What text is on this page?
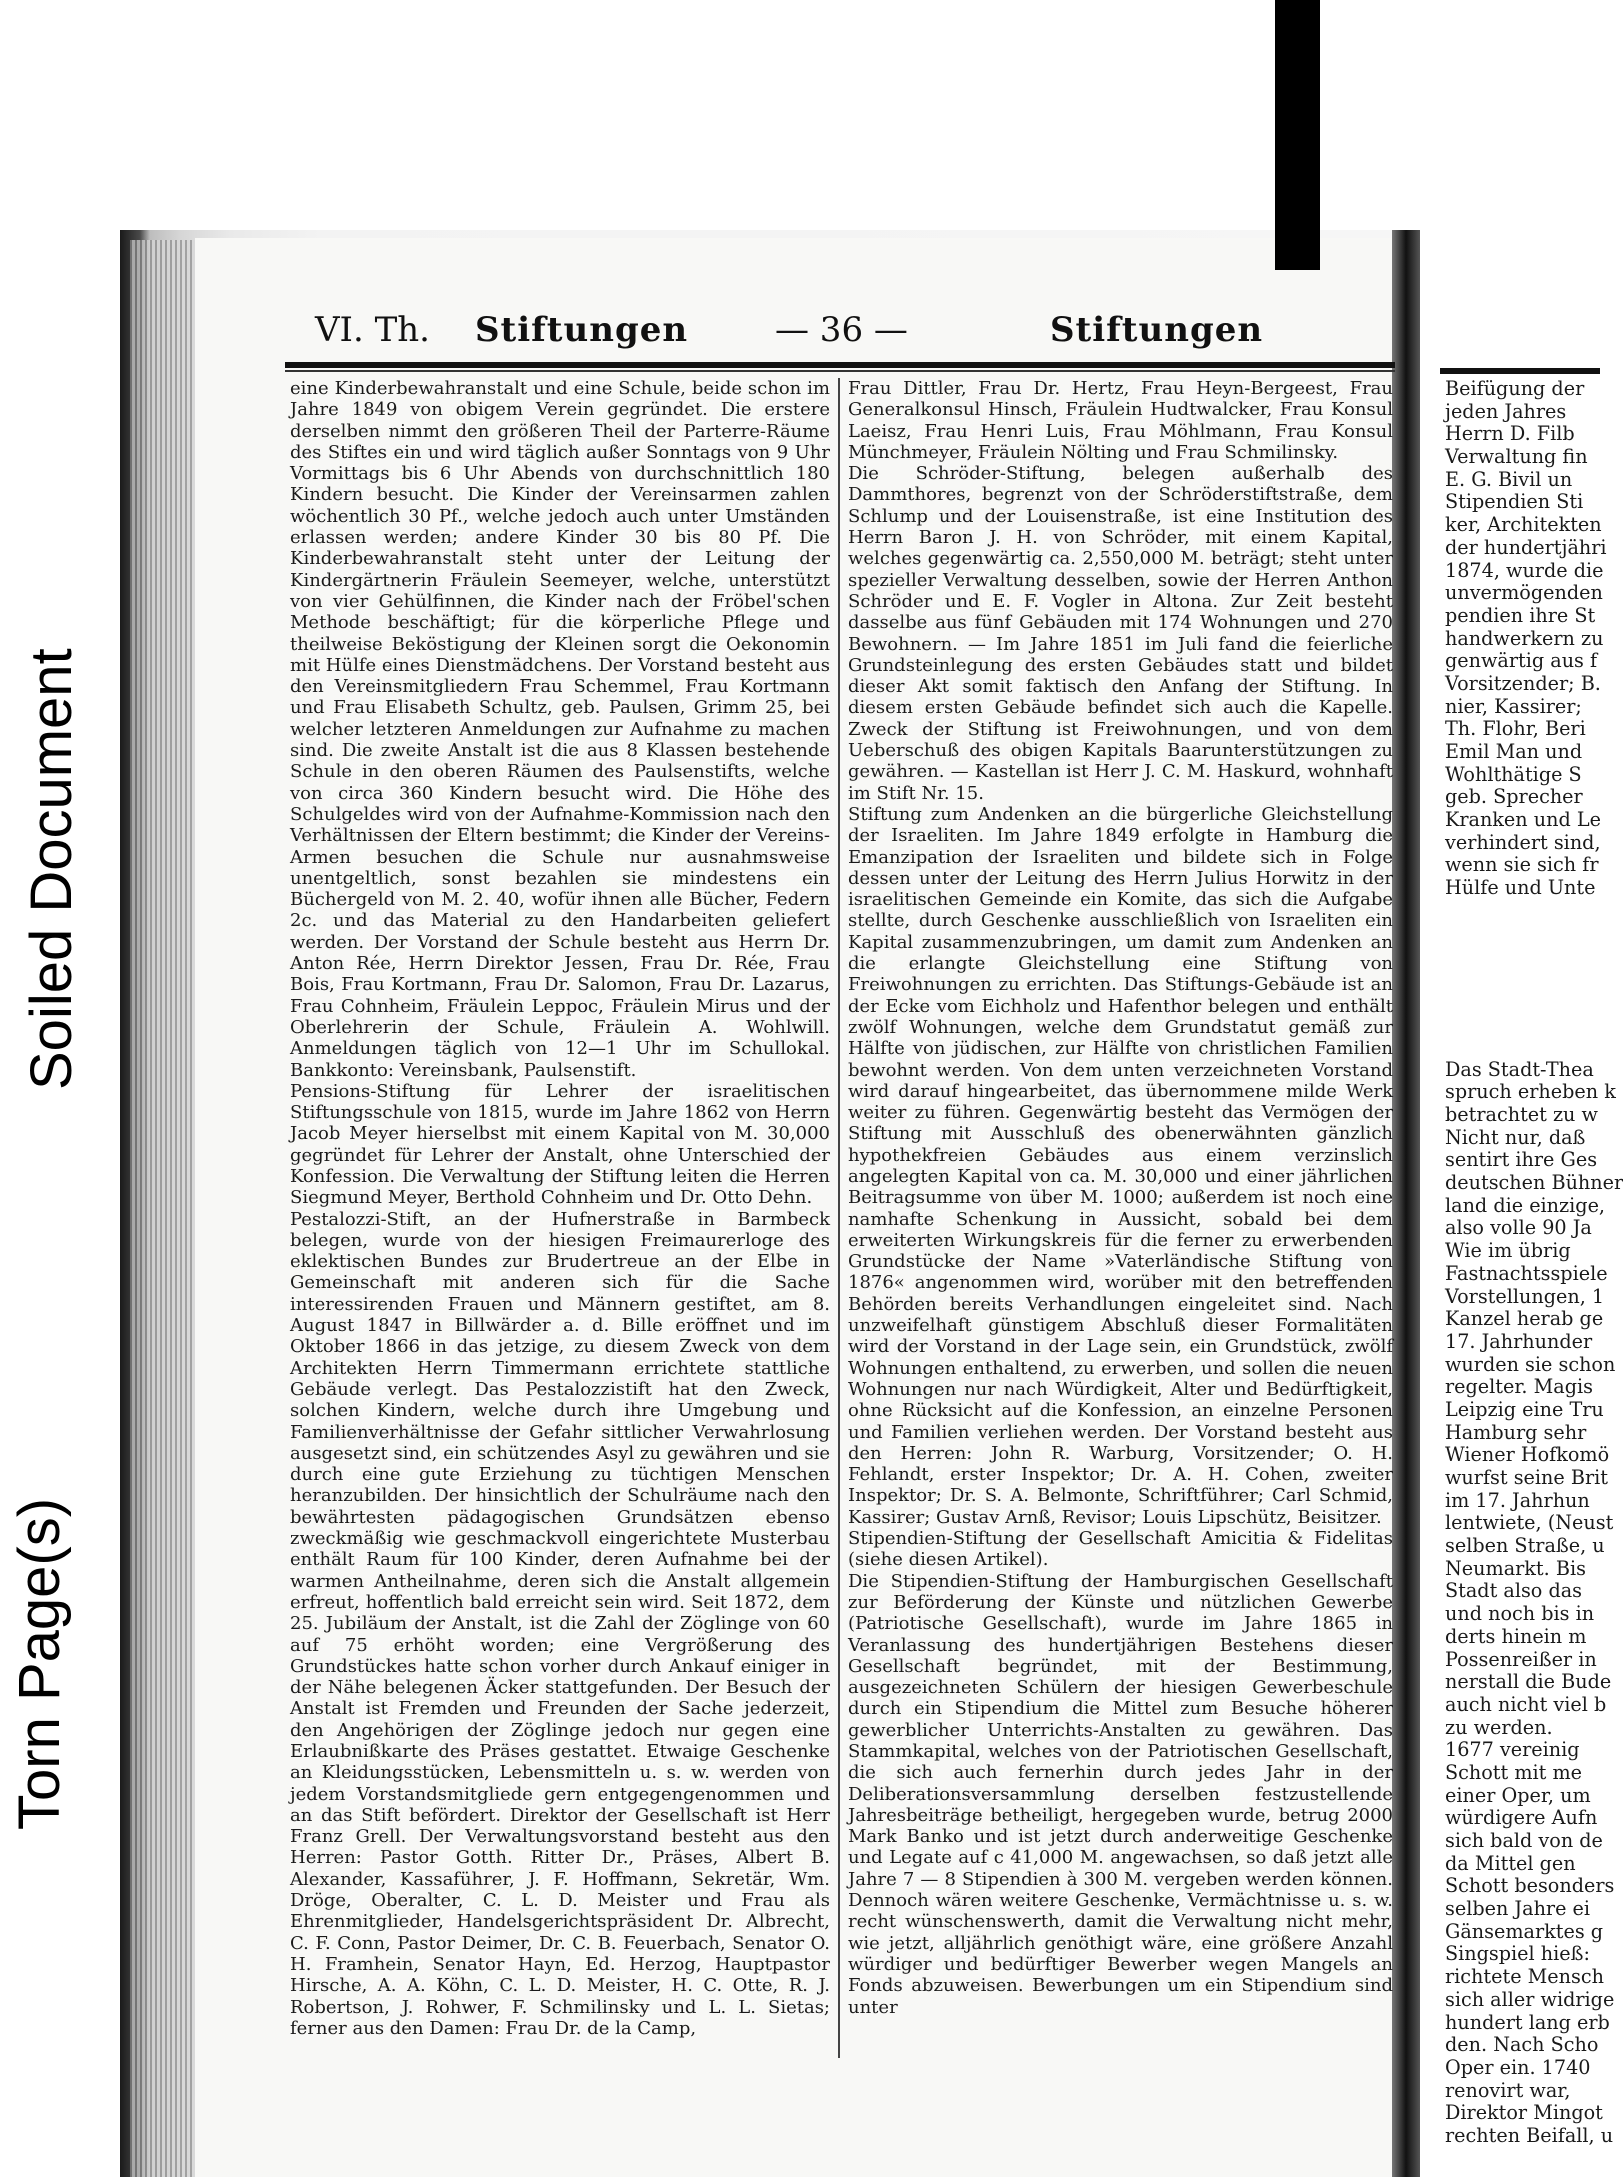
Soiled Document
Torn Page(s)
VI. Th. Stiftungen	— 36 —	Stiftungen

eine Kinderbewahranstalt und eine Schule, beide schon im Jahre 1849 von obigem Verein gegründet. Die erstere derselben nimmt den größeren Theil der Parterre-Räume des Stiftes ein und wird täglich außer Sonntags von 9 Uhr Vormittags bis 6 Uhr Abends von durchschnittlich 180 Kindern besucht. Die Kinder der Vereinsarmen zahlen wöchentlich 30 Pf., welche jedoch auch unter Umständen erlassen werden; andere Kinder 30 bis 80 Pf. Die Kinderbewahranstalt steht unter der Leitung der Kindergärtnerin Fräulein Seemeyer, welche, unterstützt von vier Gehülfinnen, die Kinder nach der Fröbel'schen Methode beschäftigt; für die körperliche Pflege und theilweise Beköstigung der Kleinen sorgt die Oekonomin mit Hülfe eines Dienstmädchens. Der Vorstand besteht aus den Vereinsmitgliedern Frau Schemmel, Frau Kortmann und Frau Elisabeth Schultz, geb. Paulsen, Grimm 25, bei welcher letzteren Anmeldungen zur Aufnahme zu machen sind. Die zweite Anstalt ist die aus 8 Klassen bestehende Schule in den oberen Räumen des Paulsenstifts, welche von circa 360 Kindern besucht wird. Die Höhe des Schulgeldes wird von der Aufnahme-Kommission nach den Verhältnissen der Eltern bestimmt; die Kinder der Vereins-Armen besuchen die Schule nur ausnahmsweise unentgeltlich, sonst bezahlen sie mindestens ein Büchergeld von M. 2. 40, wofür ihnen alle Bücher, Federn 2c. und das Material zu den Handarbeiten geliefert werden. Der Vorstand der Schule besteht aus Herrn Dr. Anton Rée, Herrn Direktor Jessen, Frau Dr. Rée, Frau Bois, Frau Kortmann, Frau Dr. Salomon, Frau Dr. Lazarus, Frau Cohnheim, Fräulein Leppoc, Fräulein Mirus und der Oberlehrerin der Schule, Fräulein A. Wohlwill. Anmeldungen täglich von 12—1 Uhr im Schullokal. Bankkonto: Vereinsbank, Paulsenstift.

Pensions-Stiftung für Lehrer der israelitischen Stiftungsschule von 1815, wurde im Jahre 1862 von Herrn Jacob Meyer hierselbst mit einem Kapital von M. 30,000 gegründet für Lehrer der Anstalt, ohne Unterschied der Konfession. Die Verwaltung der Stiftung leiten die Herren Siegmund Meyer, Berthold Cohnheim und Dr. Otto Dehn.

Pestalozzi-Stift, an der Hufnerstraße in Barmbeck belegen, wurde von der hiesigen Freimaurerloge des eklektischen Bundes zur Brudertreue an der Elbe in Gemeinschaft mit anderen sich für die Sache interessirenden Frauen und Männern gestiftet, am 8. August 1847 in Billwärder a. d. Bille eröffnet und im Oktober 1866 in das jetzige, zu diesem Zweck von dem Architekten Herrn Timmermann errichtete stattliche Gebäude verlegt. Das Pestalozzistift hat den Zweck, solchen Kindern, welche durch ihre Umgebung und Familienverhältnisse der Gefahr sittlicher Verwahrlosung ausgesetzt sind, ein schützendes Asyl zu gewähren und sie durch eine gute Erziehung zu tüchtigen Menschen heranzubilden. Der hinsichtlich der Schulräume nach den bewährtesten pädagogischen Grundsätzen ebenso zweckmäßig wie geschmackvoll eingerichtete Musterbau enthält Raum für 100 Kinder, deren Aufnahme bei der warmen Antheilnahme, deren sich die Anstalt allgemein erfreut, hoffentlich bald erreicht sein wird. Seit 1872, dem 25. Jubiläum der Anstalt, ist die Zahl der Zöglinge von 60 auf 75 erhöht worden; eine Vergrößerung des Grundstückes hatte schon vorher durch Ankauf einiger in der Nähe belegenen Äcker stattgefunden. Der Besuch der Anstalt ist Fremden und Freunden der Sache jederzeit, den Angehörigen der Zöglinge jedoch nur gegen eine Erlaubnißkarte des Präses gestattet. Etwaige Geschenke an Kleidungsstücken, Lebensmitteln u. s. w. werden von jedem Vorstandsmitgliede gern entgegengenommen und an das Stift befördert. Direktor der Gesellschaft ist Herr Franz Grell. Der Verwaltungsvorstand besteht aus den Herren: Pastor Gotth. Ritter Dr., Präses, Albert B. Alexander, Kassaführer, J. F. Hoffmann, Sekretär, Wm. Dröge, Oberalter, C. L. D. Meister und Frau als Ehrenmitglieder, Handelsgerichtspräsident Dr. Albrecht, C. F. Conn, Pastor Deimer, Dr. C. B. Feuerbach, Senator O. H. Framhein, Senator Hayn, Ed. Herzog, Hauptpastor Hirsche, A. A. Köhn, C. L. D. Meister, H. C. Otte, R. J. Robertson, J. Rohwer, F. Schmilinsky und L. L. Sietas; ferner aus den Damen: Frau Dr. de la Camp,

Frau Dittler, Frau Dr. Hertz, Frau Heyn-Bergeest, Frau Generalkonsul Hinsch, Fräulein Hudtwalcker, Frau Konsul Laeisz, Frau Henri Luis, Frau Möhlmann, Frau Konsul Münchmeyer, Fräulein Nölting und Frau Schmilinsky.

Die Schröder-Stiftung, belegen außerhalb des Dammthores, begrenzt von der Schröderstiftstraße, dem Schlump und der Louisenstraße, ist eine Institution des Herrn Baron J. H. von Schröder, mit einem Kapital, welches gegenwärtig ca. 2,550,000 M. beträgt; steht unter spezieller Verwaltung desselben, sowie der Herren Anthon Schröder und E. F. Vogler in Altona. Zur Zeit besteht dasselbe aus fünf Gebäuden mit 174 Wohnungen und 270 Bewohnern. — Im Jahre 1851 im Juli fand die feierliche Grundsteinlegung des ersten Gebäudes statt und bildet dieser Akt somit faktisch den Anfang der Stiftung. In diesem ersten Gebäude befindet sich auch die Kapelle. Zweck der Stiftung ist Freiwohnungen, und von dem Ueberschuß des obigen Kapitals Baarunterstützungen zu gewähren. — Kastellan ist Herr J. C. M. Haskurd, wohnhaft im Stift Nr. 15.

Stiftung zum Andenken an die bürgerliche Gleichstellung der Israeliten. Im Jahre 1849 erfolgte in Hamburg die Emanzipation der Israeliten und bildete sich in Folge dessen unter der Leitung des Herrn Julius Horwitz in der israelitischen Gemeinde ein Komite, das sich die Aufgabe stellte, durch Geschenke ausschließlich von Israeliten ein Kapital zusammenzubringen, um damit zum Andenken an die erlangte Gleichstellung eine Stiftung von Freiwohnungen zu errichten. Das Stiftungs-Gebäude ist an der Ecke vom Eichholz und Hafenthor belegen und enthält zwölf Wohnungen, welche dem Grundstatut gemäß zur Hälfte von jüdischen, zur Hälfte von christlichen Familien bewohnt werden. Von dem unten verzeichneten Vorstand wird darauf hingearbeitet, das übernommene milde Werk weiter zu führen. Gegenwärtig besteht das Vermögen der Stiftung mit Ausschluß des obenerwähnten gänzlich hypothekfreien Gebäudes aus einem verzinslich angelegten Kapital von ca. M. 30,000 und einer jährlichen Beitragsumme von über M. 1000; außerdem ist noch eine namhafte Schenkung in Aussicht, sobald bei dem erweiterten Wirkungskreis für die ferner zu erwerbenden Grundstücke der Name »Vaterländische Stiftung von 1876« angenommen wird, worüber mit den betreffenden Behörden bereits Verhandlungen eingeleitet sind. Nach unzweifelhaft günstigem Abschluß dieser Formalitäten wird der Vorstand in der Lage sein, ein Grundstück, zwölf Wohnungen enthaltend, zu erwerben, und sollen die neuen Wohnungen nur nach Würdigkeit, Alter und Bedürftigkeit, ohne Rücksicht auf die Konfession, an einzelne Personen und Familien verliehen werden. Der Vorstand besteht aus den Herren: John R. Warburg, Vorsitzender; O. H. Fehlandt, erster Inspektor; Dr. A. H. Cohen, zweiter Inspektor; Dr. S. A. Belmonte, Schriftführer; Carl Schmid, Kassirer; Gustav Arnß, Revisor; Louis Lipschütz, Beisitzer.

Stipendien-Stiftung der Gesellschaft Amicitia & Fidelitas (siehe diesen Artikel).

Die Stipendien-Stiftung der Hamburgischen Gesellschaft zur Beförderung der Künste und nützlichen Gewerbe (Patriotische Gesellschaft), wurde im Jahre 1865 in Veranlassung des hundertjährigen Bestehens dieser Gesellschaft begründet, mit der Bestimmung, ausgezeichneten Schülern der hiesigen Gewerbeschule durch ein Stipendium die Mittel zum Besuche höherer gewerblicher Unterrichts-Anstalten zu gewähren. Das Stammkapital, welches von der Patriotischen Gesellschaft, die sich auch fernerhin durch jedes Jahr in der Deliberationsversammlung derselben festzustellende Jahresbeiträge betheiligt, hergegeben wurde, betrug 2000 Mark Banko und ist jetzt durch anderweitige Geschenke und Legate auf c 41,000 M. angewachsen, so daß jetzt alle Jahre 7 — 8 Stipendien à 300 M. vergeben werden können. Dennoch wären weitere Geschenke, Vermächtnisse u. s. w. recht wünschenswerth, damit die Verwaltung nicht mehr, wie jetzt, alljährlich genöthigt wäre, eine größere Anzahl würdiger und bedürftiger Bewerber wegen Mangels an Fonds abzuweisen. Bewerbungen um ein Stipendium sind unter

Beifügung der
jeden Jahres
Herrn D. Filb
Verwaltung fin
E. G. Bivil un
Stipendien Sti
ker, Architekten
der hundertjähri
1874, wurde die
unvermögenden
pendien ihre St
handwerkern zu
genwärtig aus f
Vorsitzender; B.
nier, Kassirer;
Th. Flohr, Beri
Emil Man und
Wohlthätige S
geb. Sprecher
Kranken und Le
verhindert sind,
wenn sie sich fr
Hülfe und Unte
Das Stadt-Thea
spruch erheben k
betrachtet zu w
Nicht nur, daß
sentirt ihre Ges
deutschen Bühner
land die einzige,
also volle 90 Ja
Wie im übrig
Fastnachtsspiele
Vorstellungen, 1
Kanzel herab ge
17. Jahrhunder
wurden sie schon
regelter. Magis
Leipzig eine Tru
Hamburg sehr
Wiener Hofkomö
wurfst seine Brit
im 17. Jahrhun
lentwiete, (Neust
selben Straße, u
Neumarkt. Bis
Stadt also das
und noch bis in
derts hinein m
Possenreißer in
nerstall die Bude
auch nicht viel b
zu werden.
1677 vereinig
Schott mit me
einer Oper, um
würdigere Aufn
sich bald von de
da Mittel gen
Schott besonders
selben Jahre ei
Gänsemarktes g
Singspiel hieß:
richtete Mensch
sich aller widrige
hundert lang erb
den. Nach Scho
Oper ein. 1740
renovirt war,
Direktor Mingot
rechten Beifall, u
